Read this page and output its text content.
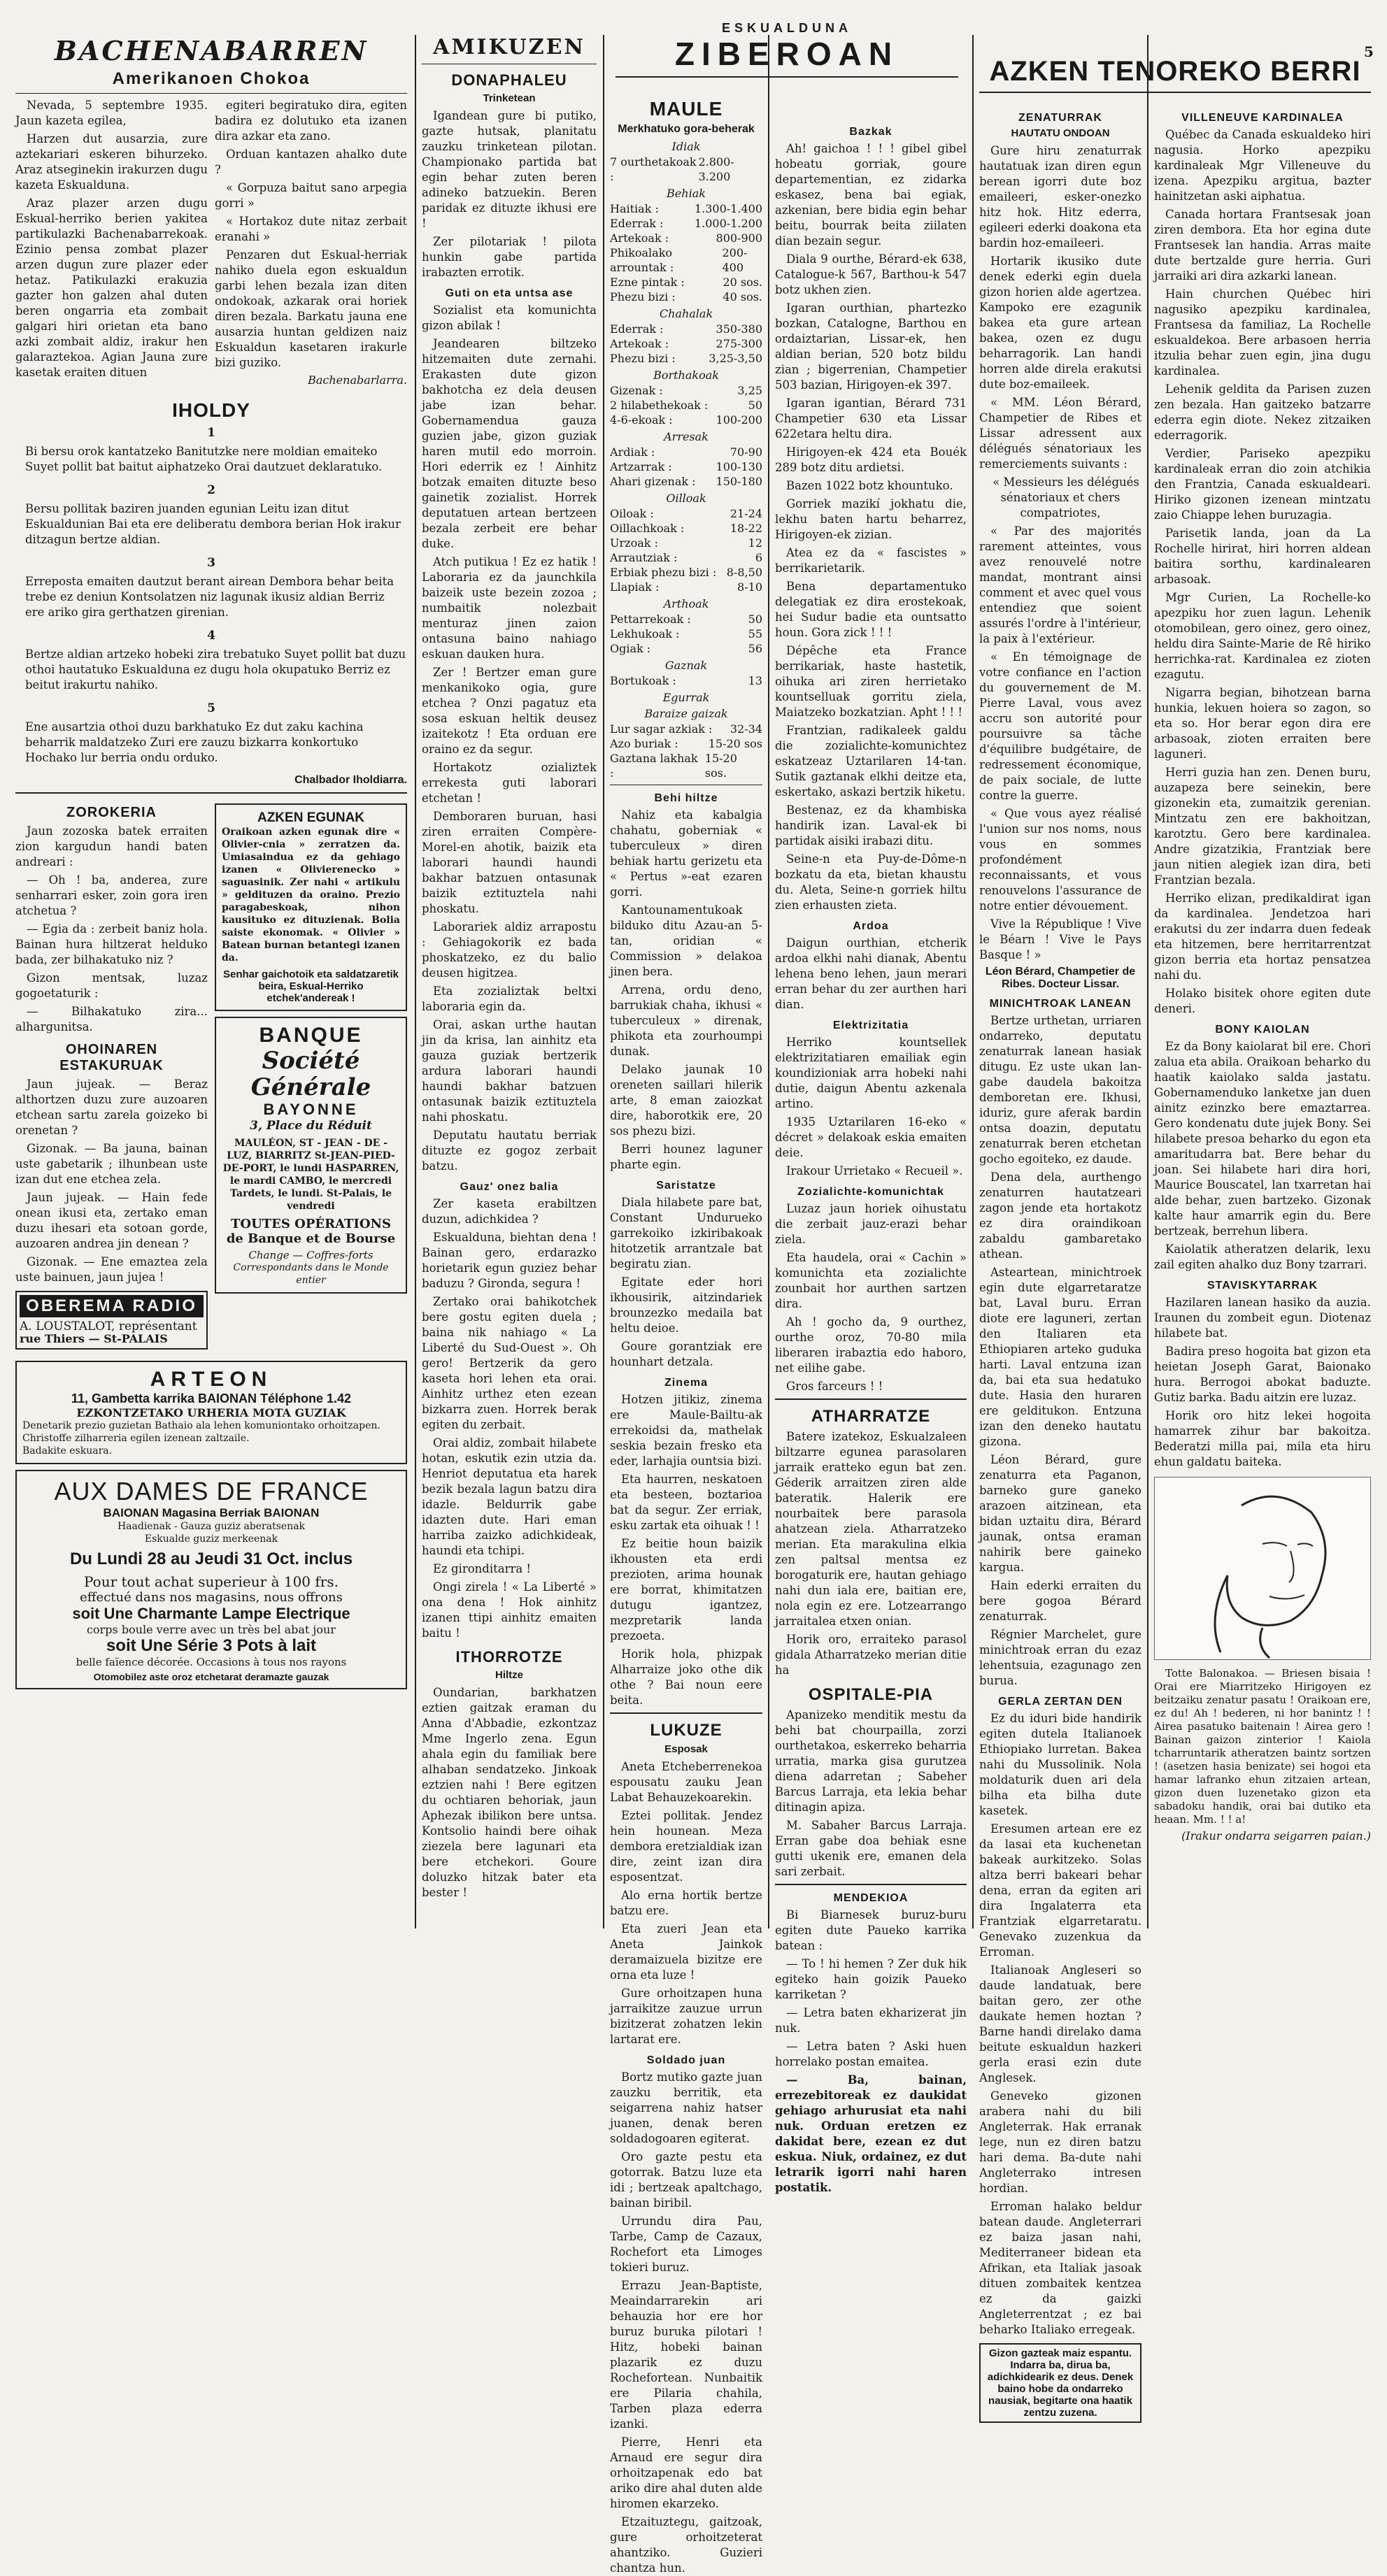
ESKUALDUNA
ZIBEROAN	5
BACHENABARREN
Amerikanoen Chokoa

Nevada, 5 septembre 1935. Jaun kazeta egilea,

Harzen dut ausarzia, zure aztekariari eskeren bihurzeko. Araz atseginekin irakurzen dugu kazeta Eskualduna.

Araz plazer arzen dugu Eskual-herriko berien yakitea partikulazki Bachenabarrekoak. Ezinio pensa zombat plazer arzen dugun zure plazer eder hetaz. Patikulazki erakuzia gazter hon galzen ahal duten beren ongarria eta zombait galgari hiri orietan eta bano azki zombait aldiz, irakur hen galaraztekoa. Agian Jauna zure kasetak eraiten dituen

egiteri begiratuko dira, egiten badira ez dolutuko eta izanen dira azkar eta zano.

Orduan kantazen ahalko dute ?

« Gorpuza baitut sano arpegia gorri »

« Hortakoz dute nitaz zerbait eranahi »

Penzaren dut Eskual-herriak nahiko duela egon eskualdun garbi lehen bezala izan diten ondokoak, azkarak orai horiek diren bezala. Barkatu jauna ene ausarzia huntan geldizen naiz Eskualdun kasetaren irakurle bizi guziko.

Bachenabarlarra.
IHOLDY
1
Bi bersu orok kantatzeko Banitutzke nere moldian emaiteko Suyet pollit bat baitut aiphatzeko Orai dautzuet deklaratuko.
2
Bersu pollitak baziren juanden egunian Leitu izan ditut Eskualdunian Bai eta ere deliberatu dembora berian Hok irakur ditzagun bertze aldian.
3
Erreposta emaiten dautzut berant airean Dembora behar beita trebe ez deniun Kontsolatzen niz lagunak ikusiz aldian Berriz ere ariko gira gerthatzen girenian.
4
Bertze aldian artzeko hobeki zira trebatuko Suyet pollit bat duzu othoi hautatuko Eskualduna ez dugu hola okupatuko Berriz ez beitut irakurtu nahiko.
5
Ene ausartzia othoi duzu barkhatuko Ez dut zaku kachina beharrik maldatzeko Zuri ere zauzu bizkarra konkortuko Hochako lur berria ondu orduko.
Chalbador Iholdiarra.
ZOROKERIA

Jaun zozoska batek erraiten zion kargudun handi baten andreari :

— Oh ! ba, anderea, zure senharrari esker, zoin gora iren atchetua ?

— Egia da : zerbeit baniz hola. Bainan hura hiltzerat helduko bada, zer bilhakatuko niz ?

Gizon mentsak, luzaz gogoetaturik :

— Bilhakatuko zira... alhargunitsa.

OHOINAREN ESTAKURUAK

Jaun jujeak. — Beraz althortzen duzu zure auzoaren etchean sartu zarela goizeko bi orenetan ?

Gizonak. — Ba jauna, bainan uste gabetarik ; ilhunbean uste izan dut ene etchea zela.

Jaun jujeak. — Hain fede onean ikusi eta, zertako eman duzu ihesari eta sotoan gorde, auzoaren andrea jin denean ?

Gizonak. — Ene emaztea zela uste bainuen, jaun jujea !

OBEREMA RADIO
A. LOUSTALOT, représentant
rue Thiers — St-PALAIS
AZKEN EGUNAK
Oraikoan azken egunak dire « Olivier-cnia » zerratzen da. Umiasaindua ez da gehiago izanen « Olivierenecko » saguasinik. Zer nahi « artikulu » geldituzen da oraino. Prezio paragabeskoak, nihon kausituko ez dituzienak. Bolia saiste ekonomak. « Olivier » Batean burnan betantegi izanen da.
Senhar gaichotoik eta saldatzaretik beira, Eskual-Herriko etchek'andereak !
BANQUE
Société Générale
BAYONNE
3, Place du Réduit
MAULÉON, ST - JEAN - DE - LUZ, BIARRITZ St-JEAN-PIED-DE-PORT, le lundi HASPARREN, le mardi CAMBO, le mercredi Tardets, le lundi. St-Palais, le vendredi
TOUTES OPÉRATIONS de Banque et de Bourse
Change — Coffres-forts
Correspondants dans le Monde entier
ARTEON
11, Gambetta karrika BAIONAN Téléphone 1.42
EZKONTZETAKO URHERIA MOTA GUZIAK
Denetarik prezio guzietan Bathaio ala lehen komuniontako orhoitzapen.
Christoffe zilharreria egilen izenean zaltzaile.
Badakite eskuara.
AUX DAMES DE FRANCE
BAIONAN Magasina Berriak BAIONAN
Haadienak - Gauza guziz aberatsenak
Eskualde guziz merkeenak
Du Lundi 28 au Jeudi 31 Oct. inclus
Pour tout achat superieur à 100 frs.
effectué dans nos magasins, nous offrons
soit Une Charmante Lampe Electrique
corps boule verre avec un très bel abat jour
soit Une Série 3 Pots à lait
belle faïence décorée. Occasions à tous nos rayons
Otomobilez aste oroz etchetarat deramazte gauzak
AMIKUZEN
DONAPHALEU
Trinketean

Igandean gure bi putiko, gazte hutsak, planitatu zauzku trinketean pilotan. Championako partida bat egin behar zuten beren adineko batzuekin. Beren paridak ez dituzte ikhusi ere !

Zer pilotariak ! pilota hunkin gabe partida irabazten errotik.

Guti on eta untsa ase

Sozialist eta komunichta gizon abilak !

Jeandearen biltzeko hitzemaiten dute zernahi. Erakasten dute gizon bakhotcha ez dela deusen jabe izan behar. Gobernamendua gauza guzien jabe, gizon guziak haren mutil edo morroin. Hori ederrik ez ! Ainhitz botzak emaiten dituzte beso gainetik zozialist. Horrek deputatuen artean bertzeen bezala zerbeit ere behar duke.

Atch putikua ! Ez ez hatik ! Laboraria ez da jaunchkila baizeik uste bezein zozoa ; numbaitik nolezbait menturaz jinen zaion ontasuna baino nahiago eskuan dauken hura.

Zer ! Bertzer eman gure menkanikoko ogia, gure etchea ? Onzi pagatuz eta sosa eskuan heltik deusez izaitekotz ! Eta orduan ere oraino ez da segur.

Hortakotz ozializtek errekesta guti laborari etchetan !

Demboraren buruan, hasi ziren erraiten Compère-Morel-en ahotik, baizik eta laborari haundi haundi bakhar batzuen ontasunak baizik eztituztela nahi phoskatu.

Laborariek aldiz arrapostu : Gehiagokorik ez bada phoskatzeko, ez du balio deusen higitzea.

Eta zozializtak beltxi laboraria egin da.

Orai, askan urthe hautan jin da krisa, lan ainhitz eta gauza guziak bertzerik ardura laborari haundi haundi bakhar batzuen ontasunak baizik eztituztela nahi phoskatu.

Deputatu hautatu berriak dituzte ez gogoz zerbait batzu.

Gauz' onez balia

Zer kaseta erabiltzen duzun, adichkidea ?

Eskualduna, biehtan dena ! Bainan gero, erdarazko horietarik egun guziez behar baduzu ? Gironda, segura !

Zertako orai bahikotchek bere gostu egiten duela ; baina nik nahiago « La Liberté du Sud-Ouest ». Oh gero! Bertzerik da gero kaseta hori lehen eta orai. Ainhitz urthez eten ezean bizkarra zuen. Horrek berak egiten du zerbait.

Orai aldiz, zombait hilabete hotan, eskutik ezin utzia da. Henriot deputatua eta harek bezik bezala lagun batzu dira idazle. Beldurrik gabe idazten dute. Hari eman harriba zaizko adichkideak, haundi eta tchipi.

Ez gironditarra !

Ongi zirela ! « La Liberté » ona dena ! Hok ainhitz izanen ttipi ainhitz emaiten baitu !

ITHORROTZE
Hiltze

Oundarian, barkhatzen eztien gaitzak eraman du Anna d'Abbadie, ezkontzaz Mme Ingerlo zena. Egun ahala egin du familiak bere alhaban sendatzeko. Jinkoak eztzien nahi ! Bere egitzen du ochtiaren behoriak, jaun Aphezak ibilikon bere untsa. Kontsolio haindi bere oihak ziezela bere lagunari eta bere etchekori. Goure doluzko hitzak bater eta bester !

MAULE
Merkhatuko gora-beherak
Idiak
7 ourthetakoak :
2.800-3.200
Behiak
Haitiak :	1.300-1.400
Ederrak :	1.000-1.200
Artekoak :	800-900
Phikoalako arrountak :
200-400
Ezne pintak :	20 sos.
Phezu bizi :	40 sos.
Chahalak
Ederrak :	350-380
Artekoak :	275-300
Phezu bizi :	3,25-3,50
Borthakoak
Gizenak :	3,25
2 hilabethekoak :	50
4-6-ekoak :	100-200
Arresak
Ardiak :	70-90
Artzarrak :	100-130
Ahari gizenak : 150-180
Oilloak
Oiloak :	21-24
Oillachkoak :	18-22
Urzoak :	12
Arrautziak :	6
Erbiak phezu bizi : 8-8,50
Llapiak :	8-10
Arthoak
Pettarrekoak :	50
Lekhukoak :	55
Ogiak :	56
Gaznak
Bortukoak :	13
Egurrak
Baraize gaizak
Lur sagar azkiak : 32-34
Azo buriak :	15-20 sos
Gaztana lakhak :
15-20 sos.
Behi hiltze

Nahiz eta kabalgia chahatu, goberniak « tuberculeux » diren behiak hartu gerizetu eta « Pertus »-eat ezaren gorri.

Kantounamentukoak bilduko ditu Azau-an 5-tan, oridian « Commission » delakoa jinen bera.

Arrena, ordu deno, barrukiak chaha, ikhusi « tuberculeux » direnak, phikota eta zourhoumpi dunak.

Delako jaunak 10 oreneten saillari hilerik arte, 8 eman zaiozkat dire, haborotkik ere, 20 sos phezu bizi.

Berri hounez laguner pharte egin.

Saristatze

Diala hilabete pare bat, Constant Undurueko garrekoiko izkiribakoak hitotzetik arrantzale bat begiratu zian.

Egitate eder hori ikhousirik, aitzindariek brounzezko medaila bat heltu deioe.

Goure gorantziak ere hounhart detzala.

Zinema

Hotzen jitikiz, zinema ere Maule-Bailtu-ak errekoidsi da, mathelak seskia bezain fresko eta eder, larhajia ountsia bizi.

Eta haurren, neskatoen eta besteen, boztarioa bat da segur. Zer erriak, esku zartak eta oihuak ! !

Ez beitie houn baizik ikhousten eta erdi prezioten, arima hounak ere borrat, khimitatzen dutugu igantzez, mezpretarik landa prezoeta.

Horik hola, phizpak Alharraize joko othe dik othe ? Bai noun eere beita.

LUKUZE
Esposak

Aneta Etcheberrenekoa espousatu zauku Jean Labat Behauzekoarekin.

Eztei pollitak. Jendez hein hounean. Meza dembora eretzialdiak izan dire, zeint izan dira esposentzat.

Alo erna hortik bertze batzu ere.

Eta zueri Jean eta Aneta Jainkok deramaizuela bizitze ere orna eta luze !

Gure orhoitzapen huna jarraikitze zauzue urrun bizitzerat zohatzen lekin lartarat ere.

Soldado juan

Bortz mutiko gazte juan zauzku berritik, eta seigarrena nahiz hatser juanen, denak beren soldadogoaren egiterat.

Oro gazte pestu eta gotorrak. Batzu luze eta idi ; bertzeak apaltchago, bainan biribil.

Urrundu dira Pau, Tarbe, Camp de Cazaux, Rochefort eta Limoges tokieri buruz.

Errazu Jean-Baptiste, Meaindarrarekin ari behauzia hor ere hor buruz buruka pilotari ! Hitz, hobeki bainan plazarik ez duzu Rochefortean. Nunbaitik ere Pilaria chahila, Tarben plaza ederra izanki.

Pierre, Henri eta Arnaud ere segur dira orhoitzapenak edo bat ariko dire ahal duten alde hiromen ekarzeko.

Etzaituztegu, gaitzoak, gure orhoitzeterat ahantziko. Guzieri chantza hun.

Bazkak

Ah! gaichoa ! ! ! gibel gibel hobeatu gorriak, goure departementian, ez zidarka eskasez, bena bai egiak, azkenian, bere bidia egin behar beitu, bourrak beita ziilaten dian bezain segur.

Diala 9 ourthe, Bérard-ek 638, Catalogue-k 567, Barthou-k 547 botz ukhen zien.

Igaran ourthian, phartezko bozkan, Catalogne, Barthou en ordaiztarian, Lissar-ek, hen aldian berian, 520 botz bildu zian ; bigerrenian, Champetier 503 bazian, Hirigoyen-ek 397.

Igaran igantian, Bérard 731 Champetier 630 eta Lissar 622etara heltu dira.

Hirigoyen-ek 424 eta Bouék 289 botz ditu ardietsi.

Bazen 1022 botz khountuko.

Gorriek mazikí jokhatu die, lekhu baten hartu beharrez, Hirigoyen-ek zizian.

Atea ez da « fascistes » berrikarietarik.

Bena departamentuko delegatiak ez dira erostekoak, hei Sudur badie eta ountsatto houn. Gora zick ! ! !

Dépêche eta France berrikariak, haste hastetik, oihuka ari ziren herrietako kountselluak gorritu ziela, Maiatzeko bozkatzian. Apht ! ! !

Frantzian, radikaleek galdu die zozialichte-komunichtez eskatzeaz Uztarilaren 14-tan. Sutik gaztanak elkhi deitze eta, eskertako, askazi bertzik hiketu.

Bestenaz, ez da khambiska handirik izan. Laval-ek bi partidak aisiki irabazi ditu.

Seine-n eta Puy-de-Dôme-n bozkatu da eta, bietan khaustu du. Aleta, Seine-n gorriek hiltu zien erhausten zieta.

Ardoa

Daigun ourthian, etcherik ardoa elkhi nahi dianak, Abentu lehena beno lehen, jaun merari erran behar du zer aurthen hari dian.

Elektrizitatia

Herriko kountsellek elektrizitatiaren emailiak egin koundizioniak arra hobeki nahi dutie, daigun Abentu azkenala artino.

1935 Uztarilaren 16-eko « décret » delakoak eskia emaiten deie.

Irakour Urrietako « Recueil ».

Zozialichte-komunichtak

Luzaz jaun horiek oihustatu die zerbait jauz-erazi behar ziela.

Eta haudela, orai « Cachin » komunichta eta zozialichte zounbait hor aurthen sartzen dira.

Ah ! gocho da, 9 ourthez, ourthe oroz, 70-80 mila liberaren irabaztia edo haboro, net eilihe gabe.

Gros farceurs ! !

ATHARRATZE

Batere izatekoz, Eskualzaleen biltzarre egunea parasolaren jarraik eratteko egun bat zen. Géderik arraitzen ziren alde bateratik. Halerik ere nourbaitek bere parasola ahatzean ziela. Atharratzeko merian. Eta marakulina elkia zen paltsal mentsa ez borogaturik ere, hautan gehiago nahi dun iala ere, baitian ere, nola egin ez ere. Lotzearrango jarraitalea etxen onian.

Horik oro, erraiteko parasol gidala Atharratzeko merian ditie ha

OSPITALE-PIA

Apanizeko menditik mestu da behi bat chourpailla, zorzi ourthetakoa, eskerreko beharria urratia, marka gisa gurutzea diena adarretan ; Sabeher Barcus Larraja, eta lekia behar ditinagin apiza.

M. Sabaher Barcus Larraja. Erran gabe doa behiak esne gutti ukenik ere, emanen dela sari zerbait.

MENDEKIOA

Bi Biarnesek buruz-buru egiten dute Paueko karrika batean :

— To ! hi hemen ? Zer duk hik egiteko hain goizik Paueko karriketan ?

— Letra baten ekharizerat jin nuk.

— Letra baten ? Aski huen horrelako postan emaitea.

— Ba, bainan, errezebitoreak ez daukidat gehiago arhurusiat eta nahi nuk. Orduan eretzen ez dakidat bere, ezean ez dut eskua. Niuk, ordainez, ez dut letrarik igorri nahi haren postatik.

AZKEN TENOREKO BERRI
ZENATURRAK
HAUTATU ONDOAN

Gure hiru zenaturrak hautatuak izan diren egun berean igorri dute boz emaileeri, esker-onezko hitz hok. Hitz ederra, egileeri ederki doakona eta bardin hoz-emaileeri.

Hortarik ikusiko dute denek ederki egin duela gizon horien alde agertzea. Kampoko ere ezagunik bakea eta gure artean bakea, ozen ez dugu beharragorik. Lan handi horren alde direla erakutsi dute boz-emaileek.

« MM. Léon Bérard, Champetier de Ribes et Lissar adressent aux délégués sénatoriaux les remerciements suivants :

« Messieurs les délégués sénatoriaux et chers compatriotes,

« Par des majorités rarement atteintes, vous avez renouvelé notre mandat, montrant ainsi comment et avec quel vous entendiez que soient assurés l'ordre à l'intérieur, la paix à l'extérieur.

« En témoignage de votre confiance en l'action du gouvernement de M. Pierre Laval, vous avez accru son autorité pour poursuivre sa tâche d'équilibre budgétaire, de redressement économique, de paix sociale, de lutte contre la guerre.

« Que vous ayez réalisé l'union sur nos noms, nous vous en sommes profondément reconnaissants, et vous renouvelons l'assurance de notre entier dévouement.

Vive la République ! Vive le Béarn ! Vive le Pays Basque ! »

Léon Bérard, Champetier de Ribes. Docteur Lissar.
MINICHTROAK LANEAN

Bertze urthetan, urriaren ondarreko, deputatu zenaturrak lanean hasiak ditugu. Ez uste ukan lan-gabe daudela bakoitza demboretan ere. Ikhusi, iduriz, gure aferak bardin ontsa doazin, deputatu zenaturrak beren etchetan gocho egoiteko, ez daude.

Dena dela, aurthengo zenaturren hautatzeari zagon jende eta hortakotz ez dira oraindikoan zabaldu gambaretako athean.

Asteartean, minichtroek egin dute elgarretaratze bat, Laval buru. Erran diote ere laguneri, zertan den Italiaren eta Ethiopiaren arteko guduka harti. Laval entzuna izan da, bai eta sua hedatuko dute. Hasia den huraren ere gelditukon. Entzuna izan den deneko hautatu gizona.

Léon Bérard, gure zenaturra eta Paganon, barneko gure ganeko arazoen aitzinean, eta bidan uztaitu dira, Bérard jaunak, ontsa eraman nahirik bere gaineko kargua.

Hain ederki erraiten du bere gogoa Bérard zenaturrak.

Régnier Marchelet, gure minichtroak erran du ezaz lehentsuia, ezagunago zen burua.

GERLA ZERTAN DEN

Ez du iduri bide handirik egiten dutela Italianoek Ethiopiako lurretan. Bakea nahi du Mussolinik. Nola moldaturik duen ari dela bilha eta bilha dute kasetek.

Eresumen artean ere ez da lasai eta kuchenetan bakeak aurkitzeko. Solas altza berri bakeari behar dena, erran da egiten ari dira Ingalaterra eta Frantziak elgarretaratu. Genevako zuzenkua da Erroman.

Italianoak Angleseri so daude landatuak, bere baitan gero, zer othe daukate hemen hoztan ? Barne handi direlako dama beitute eskualdun hazkeri gerla erasi ezin dute Anglesek.

Geneveko gizonen arabera nahi du bili Angleterrak. Hak erranak lege, nun ez diren batzu hari dema. Ba-dute nahi Angleterrako intresen hordian.

Erroman halako beldur batean daude. Angleterrari ez baiza jasan nahi, Mediterraneer bidean eta Afrikan, eta Italiak jasoak dituen zombaitek kentzea ez da gaizki Angleterrentzat ; ez bai beharko Italiako erregeak.

Gizon gazteak maiz espantu. Indarra ba, dirua ba, adichkidearik ez deus. Denek baino hobe da ondarreko nausiak, begitarte ona haatik zentzu zuzena.
VILLENEUVE KARDINALEA

Québec da Canada eskualdeko hiri nagusia. Horko apezpiku kardinaleak Mgr Villeneuve du izena. Apezpiku argitua, bazter hainitzetan aski aiphatua.

Canada hortara Frantsesak joan ziren dembora. Eta hor egina dute Frantsesek lan handia. Arras maite dute bertzalde gure herria. Guri jarraiki ari dira azkarki lanean.

Hain churchen Québec hiri nagusiko apezpiku kardinalea, Frantsesa da familiaz, La Rochelle eskualdekoa. Bere arbasoen herria itzulia behar zuen egin, jina dugu kardinalea.

Lehenik geldita da Parisen zuzen zen bezala. Han gaitzeko batzarre ederra egin diote. Nekez zitzaiken ederragorik.

Verdier, Pariseko apezpiku kardinaleak erran dio zoin atchikia den Frantzia, Canada eskualdeari. Hiriko gizonen izenean mintzatu zaio Chiappe lehen buruzagia.

Parisetik landa, joan da La Rochelle hirirat, hiri horren aldean baitira sorthu, kardinalearen arbasoak.

Mgr Curien, La Rochelle-ko apezpiku hor zuen lagun. Lehenik otomobilean, gero oinez, gero oinez, heldu dira Sainte-Marie de Rê hiriko herrichka-rat. Kardinalea ez zioten ezagutu.

Nigarra begian, bihotzean barna hunkia, lekuen hoiera so zagon, so eta so. Hor berar egon dira ere arbasoak, zioten erraiten bere laguneri.

Herri guzia han zen. Denen buru, auzapeza bere seinekin, bere gizonekin eta, zumaitzik gerenian. Mintzatu zen ere bakhoitzan, karotztu. Gero bere kardinalea. Andre gizatzikia, Frantziak bere jaun nitien alegiek izan dira, beti Frantzian bezala.

Herriko elizan, predikaldirat igan da kardinalea. Jendetzoa hari erakutsi du zer indarra duen fedeak eta hitzemen, bere herritarrentzat gizon berria eta hortaz pensatzea nahi du.

Holako bisitek ohore egiten dute deneri.

BONY KAIOLAN

Ez da Bony kaiolarat bil ere. Chori zalua eta abila. Oraikoan beharko du haatik kaiolako salda jastatu. Gobernamenduko lanketxe jan duen ainitz ezinzko bere emaztarrea. Gero kondenatu dute jujek Bony. Sei hilabete presoa beharko du egon eta amaritudarra bat. Bere behar du joan. Sei hilabete hari dira hori, Maurice Bouscatel, lan txarretan hai alde behar, zuen bartzeko. Gizonak kalte haur amarrik egin du. Bere bertzeak, berrehun libera.

Kaiolatik atheratzen delarik, lexu zail egiten ahalko duz Bony tzarrari.

STAVISKYTARRAK

Hazilaren lanean hasiko da auzia. Iraunen du zombeit egun. Diotenaz hilabete bat.

Badira preso hogoita bat gizon eta heietan Joseph Garat, Baionako hura. Berrogoi abokat baduzte. Gutiz barka. Badu aitzin ere luzaz.

Horik oro hitz lekei hogoita hamarrek zihur bar bakoitza. Bederatzi milla pai, mila eta hiru ehun galdatu baiteka.

Totte Balonakoa. — Briesen bisaia ! Orai ere Miarritzeko Hirigoyen ez beitzaiku zenatur pasatu ! Oraikoan ere, ez du! Ah ! bederen, ni hor banintz ! ! Airea pasatuko baitenain ! Airea gero ! Bainan gaizon zinterior ! Kaiola tcharruntarik atheratzen baintz sortzen ! (asetzen hasia benizate) sei hogoi eta hamar lafranko ehun zitzaien artean, gizon duen luzenetako gizon eta sabadoku handik, orai bai dutiko eta heaan. Mm. ! ! a!

(Irakur ondarra seigarren paian.)
